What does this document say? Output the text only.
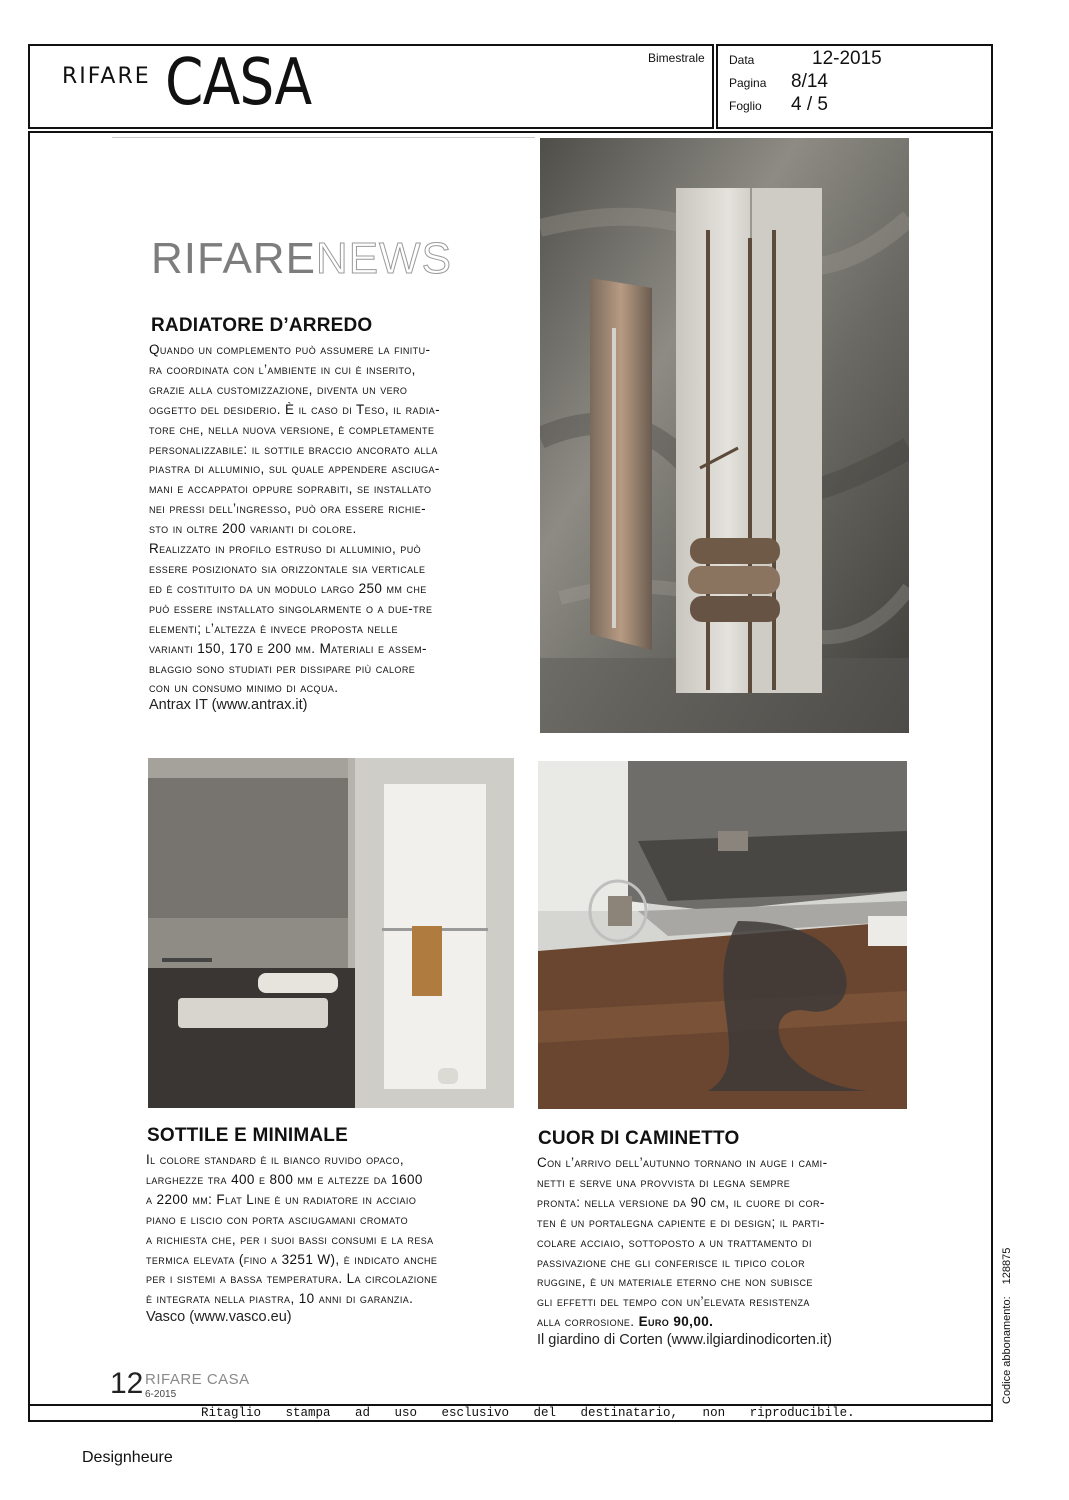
RIFARE CASA	Bimestrale Data	12-2015
Pagina 8/14
Foglio 4 / 5
RIFARENEWS
RADIATORE D’ARREDO

Quando un complemento può assumere la finitu-
ra coordinata con l’ambiente in cui è inserito,
grazie alla customizzazione, diventa un vero
oggetto del desiderio. È il caso di Teso, il radia-
tore che, nella nuova versione, è completamente
personalizzabile: il sottile braccio ancorato alla
piastra di alluminio, sul quale appendere asciuga-
mani e accappatoi oppure soprabiti, se installato
nei pressi dell’ingresso, può ora essere richie-
sto in oltre 200 varianti di colore.
Realizzato in profilo estruso di alluminio, può
essere posizionato sia orizzontale sia verticale
ed è costituito da un modulo largo 250 mm che
può essere installato singolarmente o a due-tre
elementi; l’altezza è invece proposta nelle
varianti 150, 170 e 200 mm. Materiali e assem-
blaggio sono studiati per dissipare più calore
con un consumo minimo di acqua.

Antrax IT (www.antrax.it)
SOTTILE E MINIMALE

Il colore standard è il bianco ruvido opaco,
larghezze tra 400 e 800 mm e altezze da 1600
a 2200 mm: Flat Line è un radiatore in acciaio
piano e liscio con porta asciugamani cromato
a richiesta che, per i suoi bassi consumi e la resa
termica elevata (fino a 3251 W), è indicato anche
per i sistemi a bassa temperatura. La circolazione
è integrata nella piastra, 10 anni di garanzia.

Vasco (www.vasco.eu)
CUOR DI CAMINETTO

Con l’arrivo dell’autunno tornano in auge i cami-
netti e serve una provvista di legna sempre
pronta: nella versione da 90 cm, il cuore di cor-
ten è un portalegna capiente e di design; il parti-
colare acciaio, sottoposto a un trattamento di
passivazione che gli conferisce il tipico color
ruggine, è un materiale eterno che non subisce
gli effetti del tempo con un’elevata resistenza
alla corrosione. Euro 90,00.

Il giardino di Corten (www.ilgiardinodicorten.it)
12 RIFARE CASA
6-2015
Ritaglio stampa ad uso esclusivo del destinatario, non riproducibile.
Codice abbonamento:128875
Designheure
